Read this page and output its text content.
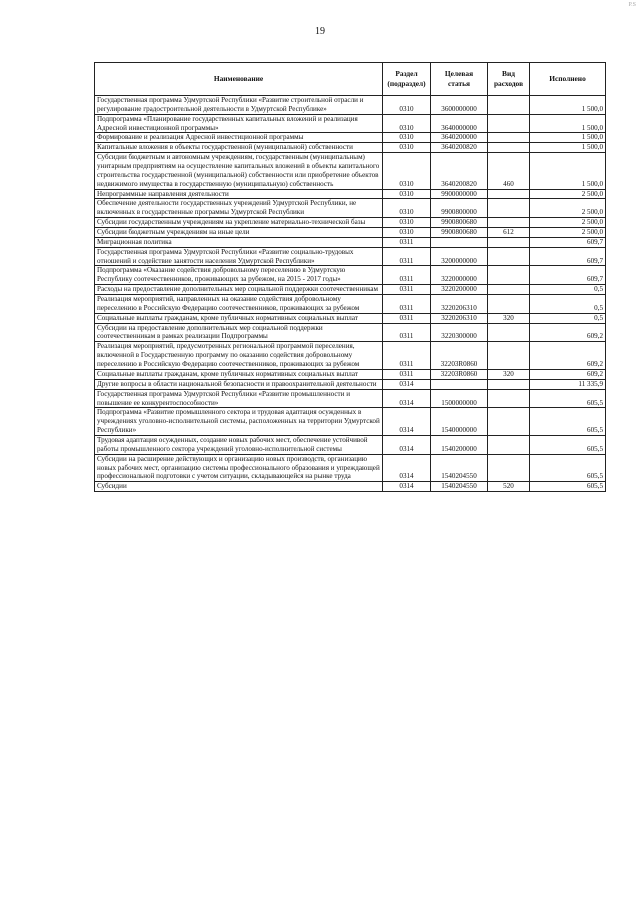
P.S
19
Наименование	Раздел (подраздел)	Целевая статья	Вид расходов	Исполнено
Государственная программа Удмуртской Республики «Развитие строительной отрасли и регулирование градостроительной деятельности в Удмуртской Республике»	0310	3600000000		1 500,0
Подпрограмма «Планирование государственных капитальных вложений и реализация Адресной инвестиционной программы»	0310	3640000000		1 500,0
Формирование и реализация Адресной инвестиционной программы	0310	3640200000		1 500,0
Капитальные вложения в объекты государственной (муниципальной) собственности	0310	3640200820		1 500,0
Субсидии бюджетным и автономным учреждениям, государственным (муниципальным) унитарным предприятиям на осуществление капитальных вложений в объекты капитального строительства государственной (муниципальной) собственности или приобретение объектов недвижимого имущества в государственную (муниципальную) собственность	0310	3640200820	460	1 500,0
Непрограммные направления деятельности	0310	9900000000		2 500,0
Обеспечение деятельности государственных учреждений Удмуртской Республики, не включенных в государственные программы Удмуртской Республики	0310	9900800000		2 500,0
Субсидии государственным учреждениям на укрепление материально-технической базы	0310	9900800680		2 500,0
Субсидии бюджетным учреждениям на иные цели	0310	9900800680	612	2 500,0
Миграционная политика	0311			609,7
Государственная программа Удмуртской Республики «Развитие социально-трудовых отношений и содействие занятости населения Удмуртской Республики»	0311	3200000000		609,7
Подпрограмма «Оказание содействия добровольному переселению в Удмуртскую Республику соотечественников, проживающих за рубежом, на 2015 - 2017 годы»	0311	3220000000		609,7
Расходы на предоставление дополнительных мер социальной поддержки соотечественникам	0311	3220200000		0,5
Реализация мероприятий, направленных на оказание содействия добровольному переселению в Российскую Федерацию соотечественников, проживающих за рубежом	0311	3220206310		0,5
Социальные выплаты гражданам, кроме публичных нормативных социальных выплат	0311	3220206310	320	0,5
Субсидии на предоставление дополнительных мер социальной поддержки соотечественникам в рамках реализации Подпрограммы	0311	3220300000		609,2
Реализация мероприятий, предусмотренных региональной программой переселения, включенной в Государственную программу по оказанию содействия добровольному переселению в Российскую Федерацию соотечественников, проживающих за рубежом	0311	32203R0860		609,2
Социальные выплаты гражданам, кроме публичных нормативных социальных выплат	0311	32203R0860	320	609,2
Другие вопросы в области национальной безопасности и правоохранительной деятельности	0314			11 335,9
Государственная программа Удмуртской Республики «Развитие промышленности и повышение ее конкурентоспособности»	0314	1500000000		605,5
Подпрограмма «Развитие промышленного сектора и трудовая адаптация осужденных в учреждениях уголовно-исполнительной системы, расположенных на территории Удмуртской Республики»	0314	1540000000		605,5
Трудовая адаптация осужденных, создание новых рабочих мест, обеспечение устойчивой работы промышленного сектора учреждений уголовно-исполнительной системы	0314	1540200000		605,5
Субсидии на расширение действующих и организацию новых производств, организацию новых рабочих мест, организацию системы профессионального образования и упреждающей профессиональной подготовки с учетом ситуации, складывающейся на рынке труда	0314	1540204550		605,5
Субсидии	0314	1540204550	520	605,5
